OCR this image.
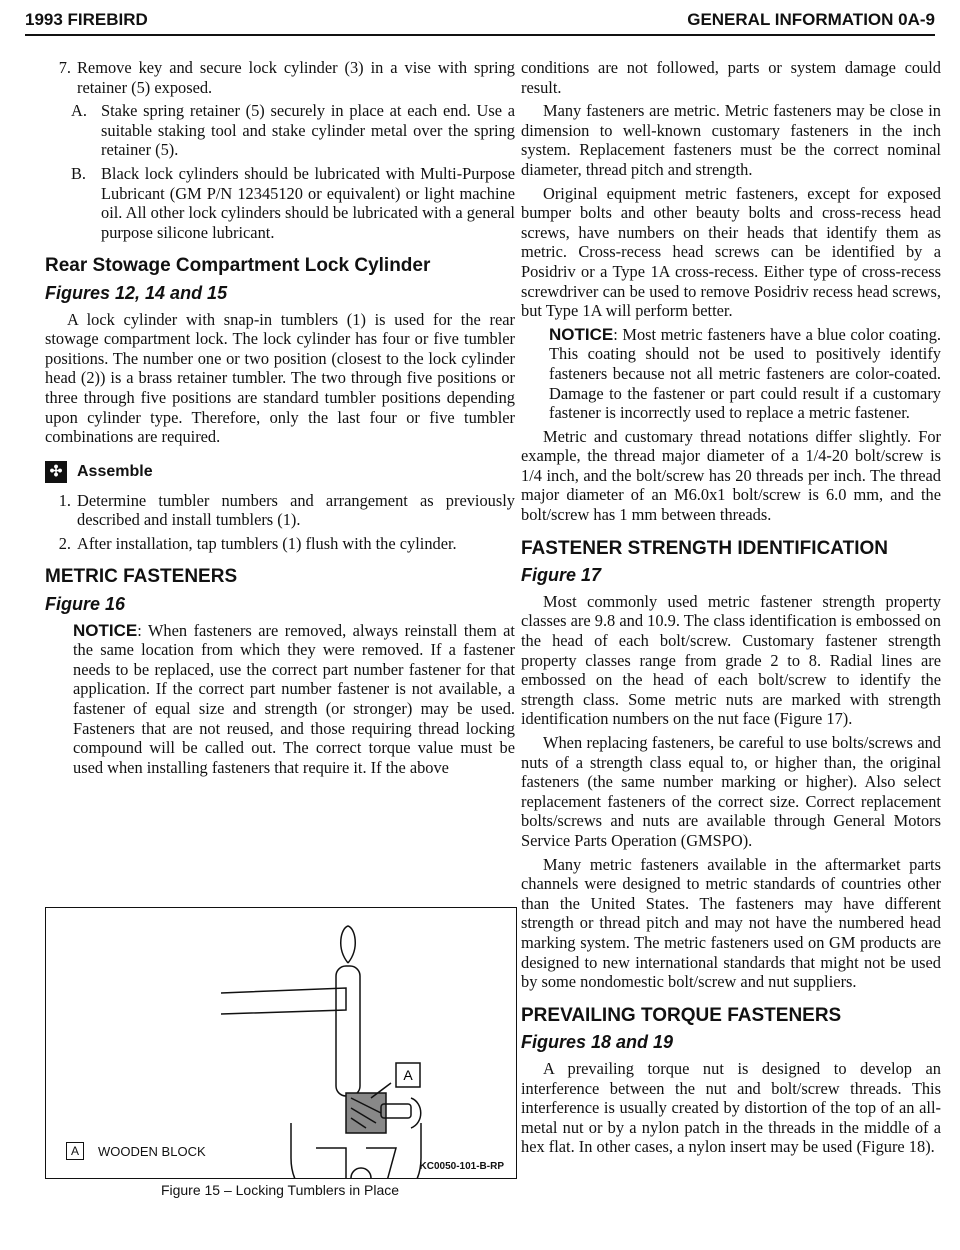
1993 FIREBIRD	GENERAL INFORMATION 0A-9
7. Remove key and secure lock cylinder (3) in a vise with spring retainer (5) exposed.
A. Stake spring retainer (5) securely in place at each end. Use a suitable staking tool and stake cylinder metal over the spring retainer (5).
B. Black lock cylinders should be lubricated with Multi-Purpose Lubricant (GM P/N 12345120 or equivalent) or light machine oil. All other lock cylinders should be lubricated with a general purpose silicone lubricant.
Rear Stowage Compartment Lock Cylinder
Figures 12, 14 and 15

A lock cylinder with snap-in tumblers (1) is used for the rear stowage compartment lock. The lock cylinder has four or five tumbler positions. The number one or two position (closest to the lock cylinder head (2)) is a brass retainer tumbler. The two through five positions or three through five positions are standard tumbler positions depending upon cylinder type. Therefore, only the last four or five tumbler combinations are required.

✣ Assemble
1. Determine tumbler numbers and arrangement as previously described and install tumblers (1).
2. After installation, tap tumblers (1) flush with the cylinder.
METRIC FASTENERS
Figure 16

NOTICE: When fasteners are removed, always reinstall them at the same location from which they were removed. If a fastener needs to be replaced, use the correct part number fastener for that application. If the correct part number fastener is not available, a fastener of equal size and strength (or stronger) may be used. Fasteners that are not reused, and those requiring thread locking compound will be called out. The correct torque value must be used when installing fasteners that require it. If the above

A
A	WOODEN BLOCK
KC0050-101-B-RP
Figure 15 – Locking Tumblers in Place

conditions are not followed, parts or system damage could result.

Many fasteners are metric. Metric fasteners may be close in dimension to well-known customary fasteners in the inch system. Replacement fasteners must be the correct nominal diameter, thread pitch and strength.

Original equipment metric fasteners, except for exposed bumper bolts and other beauty bolts and cross-recess head screws, have numbers on their heads that identify them as metric. Cross-recess head screws can be identified by a Posidriv or a Type 1A cross-recess. Either type of cross-recess screwdriver can be used to remove Posidriv recess head screws, but Type 1A will perform better.

NOTICE: Most metric fasteners have a blue color coating. This coating should not be used to positively identify fasteners because not all metric fasteners are color-coated. Damage to the fastener or part could result if a customary fastener is incorrectly used to replace a metric fastener.

Metric and customary thread notations differ slightly. For example, the thread major diameter of a 1/4-20 bolt/screw is 1/4 inch, and the bolt/screw has 20 threads per inch. The thread major diameter of an M6.0x1 bolt/screw is 6.0 mm, and the bolt/screw has 1 mm between threads.

FASTENER STRENGTH IDENTIFICATION
Figure 17

Most commonly used metric fastener strength property classes are 9.8 and 10.9. The class identification is embossed on the head of each bolt/screw. Customary fastener strength property classes range from grade 2 to 8. Radial lines are embossed on the head of each bolt/screw to identify the strength class. Some metric nuts are marked with strength identification numbers on the nut face (Figure 17).

When replacing fasteners, be careful to use bolts/screws and nuts of a strength class equal to, or higher than, the original fasteners (the same number marking or higher). Also select replacement fasteners of the correct size. Correct replacement bolts/screws and nuts are available through General Motors Service Parts Operation (GMSPO).

Many metric fasteners available in the aftermarket parts channels were designed to metric standards of countries other than the United States. The fasteners may have different strength or thread pitch and may not have the numbered head marking system. The metric fasteners used on GM products are designed to new international standards that might not be used by some nondomestic bolt/screw and nut suppliers.

PREVAILING TORQUE FASTENERS
Figures 18 and 19

A prevailing torque nut is designed to develop an interference between the nut and bolt/screw threads. This interference is usually created by distortion of the top of an all-metal nut or by a nylon patch in the threads in the middle of a hex flat. In other cases, a nylon insert may be used (Figure 18).
